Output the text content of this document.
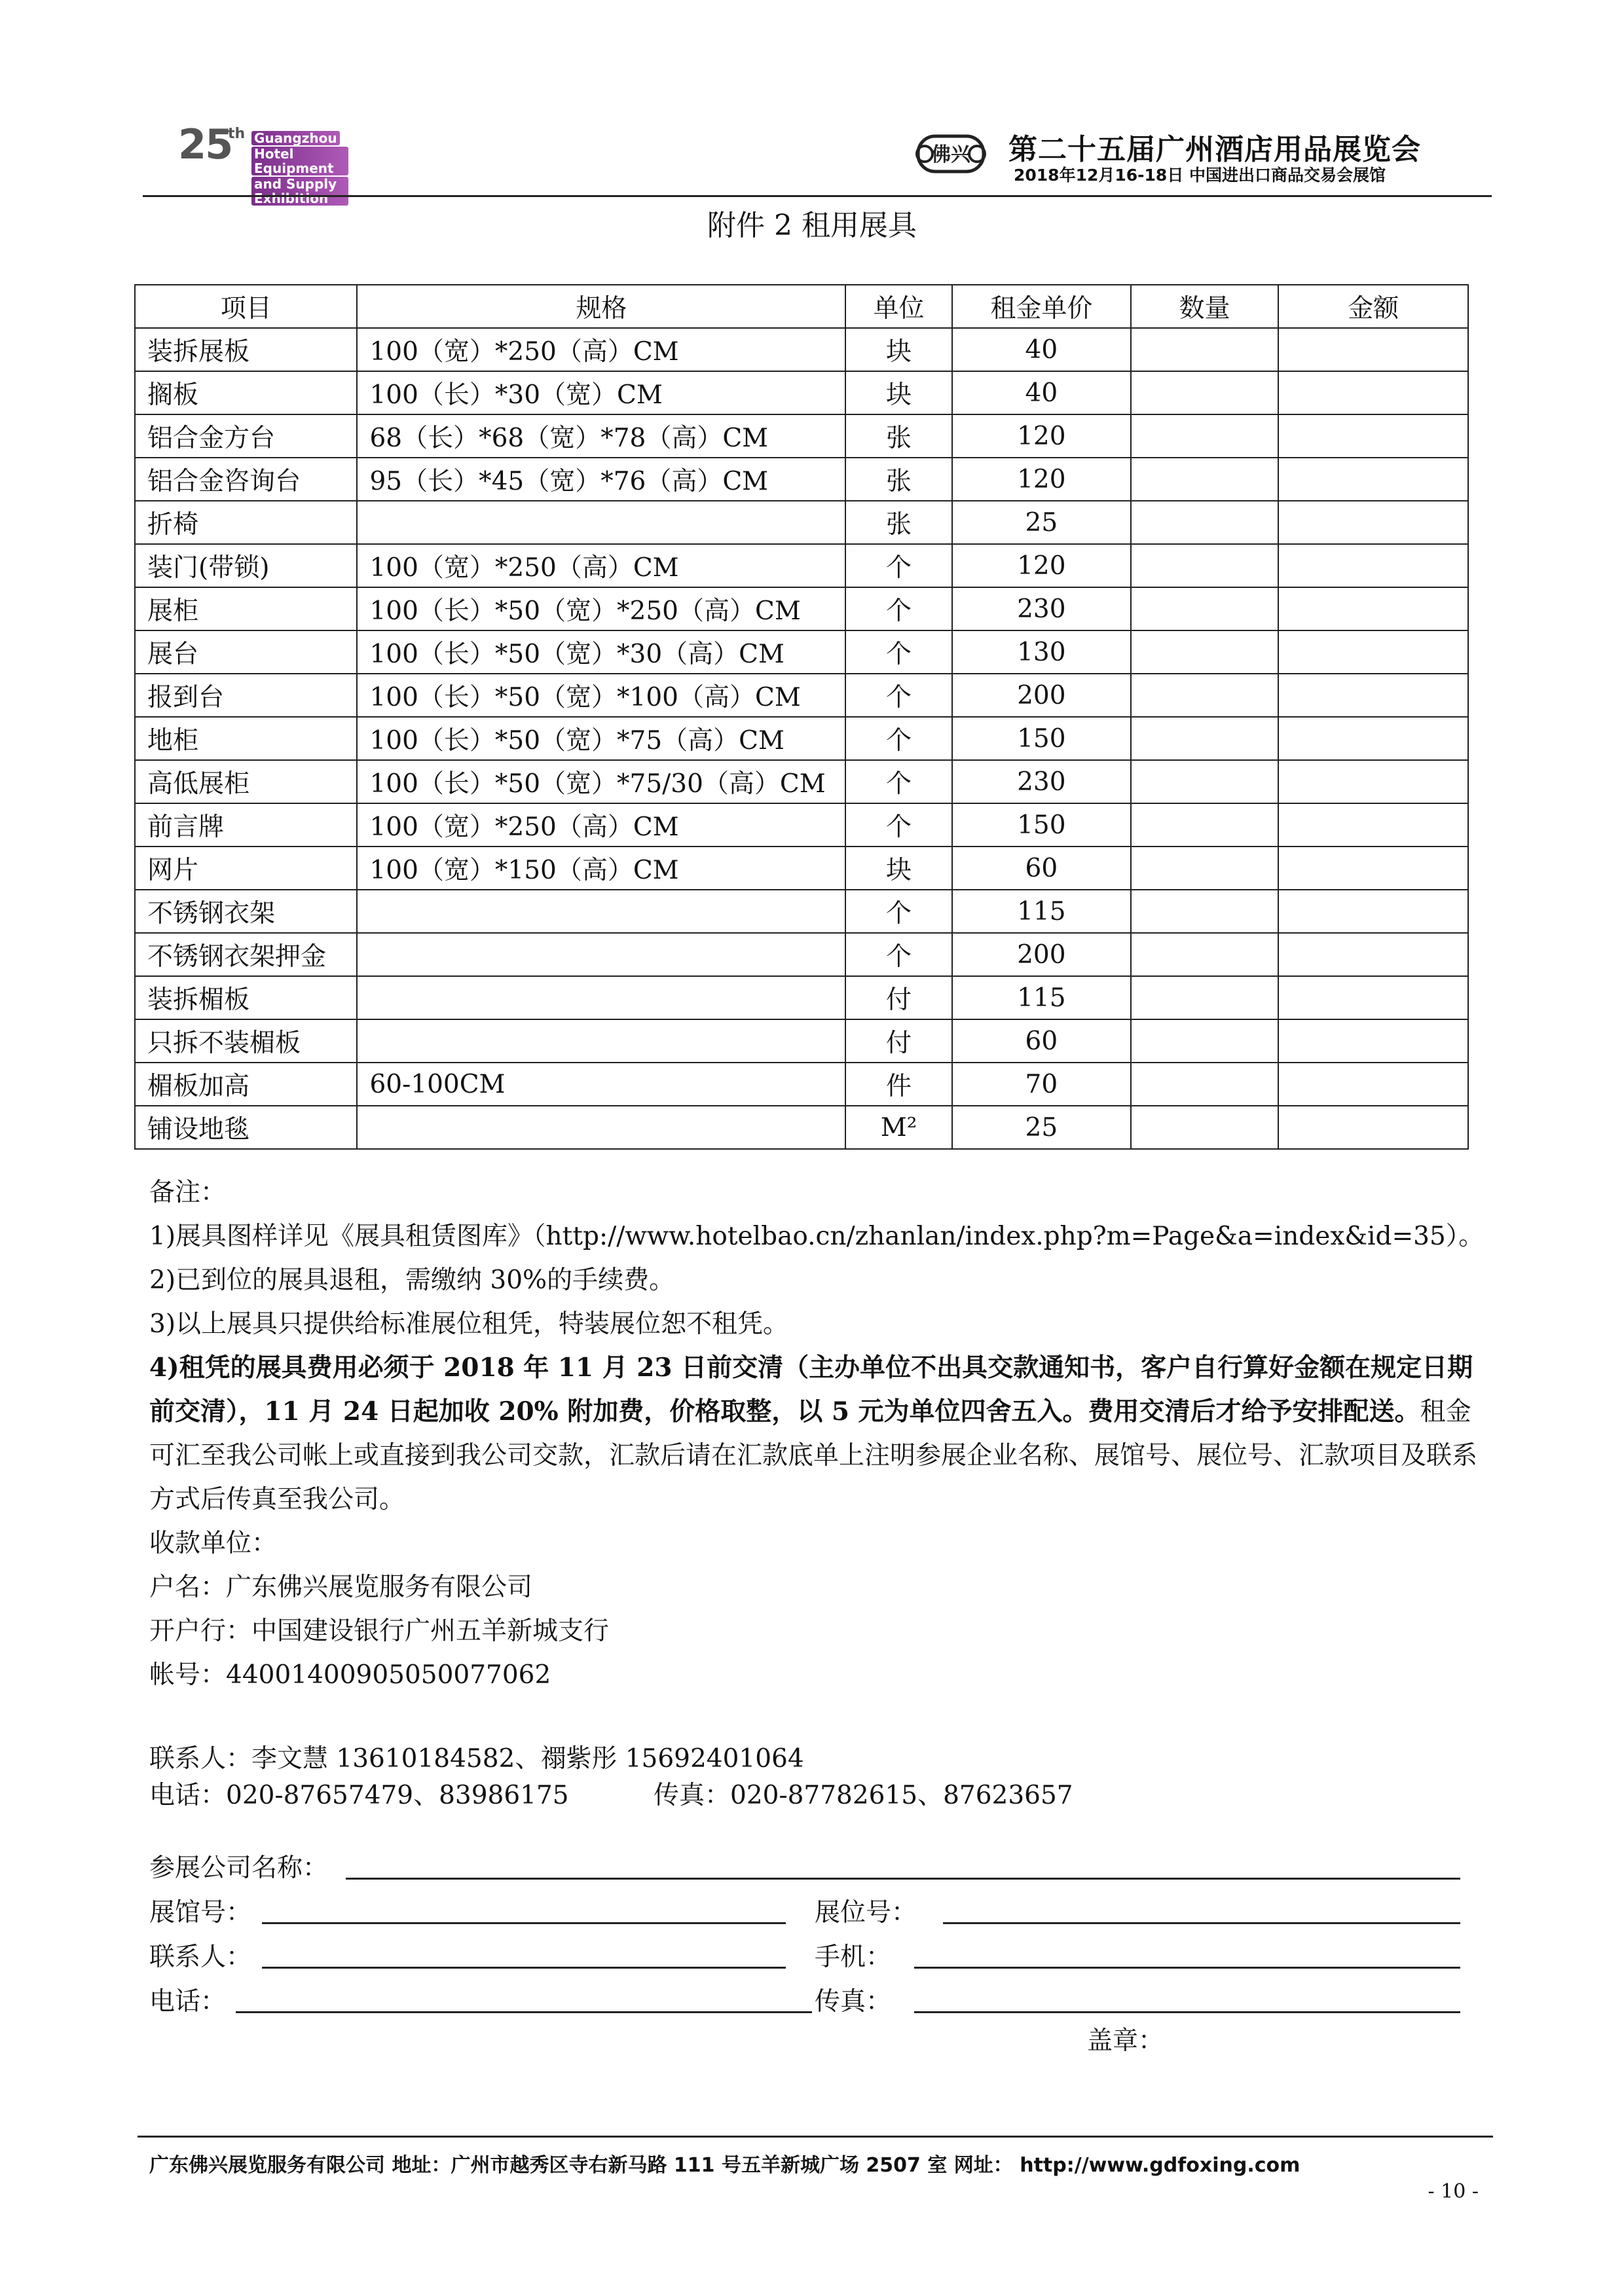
25
th Guangzhou
Hotel Equipment
and Supply Exhibition
佛兴 第二十五届广州酒店用品展览会
2018年12月16-18日 中国进出口商品交易会展馆
附件 2 租用展具
项目	规格	单位	租金单价	数量	金额
装拆展板	100（宽）*250（高）CM	块	40		
搁板	100（长）*30（宽）CM	块	40		
铝合金方台	68（长）*68（宽）*78（高）CM	张	120		
铝合金咨询台	95（长）*45（宽）*76（高）CM	张	120		
折椅		张	25		
装门(带锁)	100（宽）*250（高）CM	个	120		
展柜	100（长）*50（宽）*250（高）CM	个	230		
展台	100（长）*50（宽）*30（高）CM	个	130		
报到台	100（长）*50（宽）*100（高）CM	个	200		
地柜	100（长）*50（宽）*75（高）CM	个	150		
高低展柜	100（长）*50（宽）*75/30（高）CM	个	230		
前言牌	100（宽）*250（高）CM	个	150		
网片	100（宽）*150（高）CM	块	60		
不锈钢衣架		个	115		
不锈钢衣架押金		个	200		
装拆楣板		付	115		
只拆不装楣板		付	60		
楣板加高	60-100CM	件	70		
铺设地毯		M²	25		

备注：

1)展具图样详见《展具租赁图库》（http://www.hotelbao.cn/zhanlan/index.php?m=Page&a=index&id=35）。

2)已到位的展具退租，需缴纳 30%的手续费。

3)以上展具只提供给标准展位租凭，特装展位恕不租凭。

4)租凭的展具费用必须于 2018 年 11 月 23 日前交清（主办单位不出具交款通知书，客户自行算好金额在规定日期前交清），11 月 24 日起加收 20% 附加费，价格取整，以 5 元为单位四舍五入。费用交清后才给予安排配送。租金可汇至我公司帐上或直接到我公司交款，汇款后请在汇款底单上注明参展企业名称、展馆号、展位号、汇款项目及联系方式后传真至我公司。

收款单位：

户名：广东佛兴展览服务有限公司

开户行：中国建设银行广州五羊新城支行

帐号：44001400905050077062

联系人：李文慧 13610184582、禤紫彤 15692401064

电话：020-87657479、83986175	传真：020-87782615、87623657

参展公司名称：
展馆号：	展位号：
联系人：	手机：
电话：	传真：
盖章：
广东佛兴展览服务有限公司 地址：广州市越秀区寺右新马路 111 号五羊新城广场 2507 室 网址： http://www.gdfoxing.com
- 10 -
